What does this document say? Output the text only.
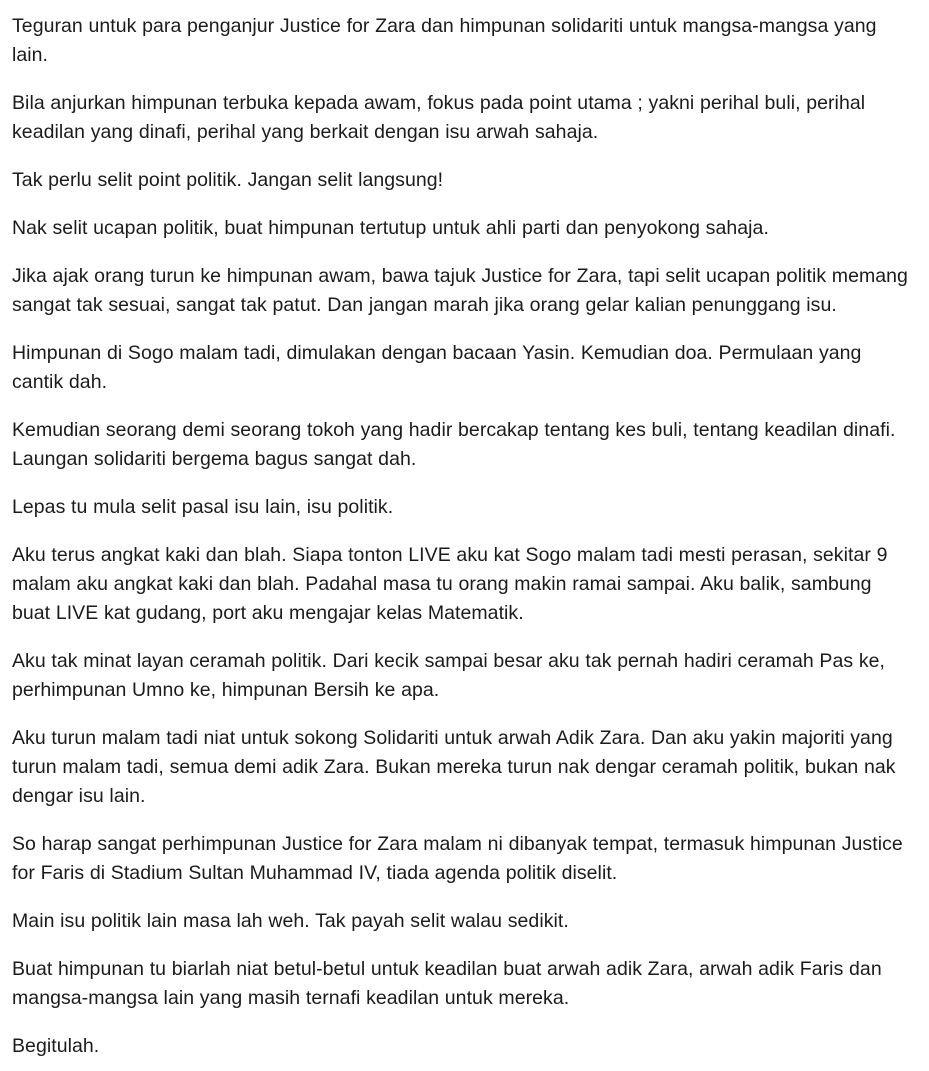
Teguran untuk para penganjur Justice for Zara dan himpunan solidariti untuk mangsa-mangsa yang lain.

Bila anjurkan himpunan terbuka kepada awam, fokus pada point utama ; yakni perihal buli, perihal keadilan yang dinafi, perihal yang berkait dengan isu arwah sahaja.

Tak perlu selit point politik. Jangan selit langsung!

Nak selit ucapan politik, buat himpunan tertutup untuk ahli parti dan penyokong sahaja.

Jika ajak orang turun ke himpunan awam, bawa tajuk Justice for Zara, tapi selit ucapan politik memang sangat tak sesuai, sangat tak patut. Dan jangan marah jika orang gelar kalian penunggang isu.

Himpunan di Sogo malam tadi, dimulakan dengan bacaan Yasin. Kemudian doa. Permulaan yang cantik dah.

Kemudian seorang demi seorang tokoh yang hadir bercakap tentang kes buli, tentang keadilan dinafi. Laungan solidariti bergema bagus sangat dah.

Lepas tu mula selit pasal isu lain, isu politik.

Aku terus angkat kaki dan blah. Siapa tonton LIVE aku kat Sogo malam tadi mesti perasan, sekitar 9 malam aku angkat kaki dan blah. Padahal masa tu orang makin ramai sampai. Aku balik, sambung buat LIVE kat gudang, port aku mengajar kelas Matematik.

Aku tak minat layan ceramah politik. Dari kecik sampai besar aku tak pernah hadiri ceramah Pas ke, perhimpunan Umno ke, himpunan Bersih ke apa.

Aku turun malam tadi niat untuk sokong Solidariti untuk arwah Adik Zara. Dan aku yakin majoriti yang turun malam tadi, semua demi adik Zara. Bukan mereka turun nak dengar ceramah politik, bukan nak dengar isu lain.

So harap sangat perhimpunan Justice for Zara malam ni dibanyak tempat, termasuk himpunan Justice for Faris di Stadium Sultan Muhammad IV, tiada agenda politik diselit.

Main isu politik lain masa lah weh. Tak payah selit walau sedikit.

Buat himpunan tu biarlah niat betul-betul untuk keadilan buat arwah adik Zara, arwah adik Faris dan mangsa-mangsa lain yang masih ternafi keadilan untuk mereka.

Begitulah.
